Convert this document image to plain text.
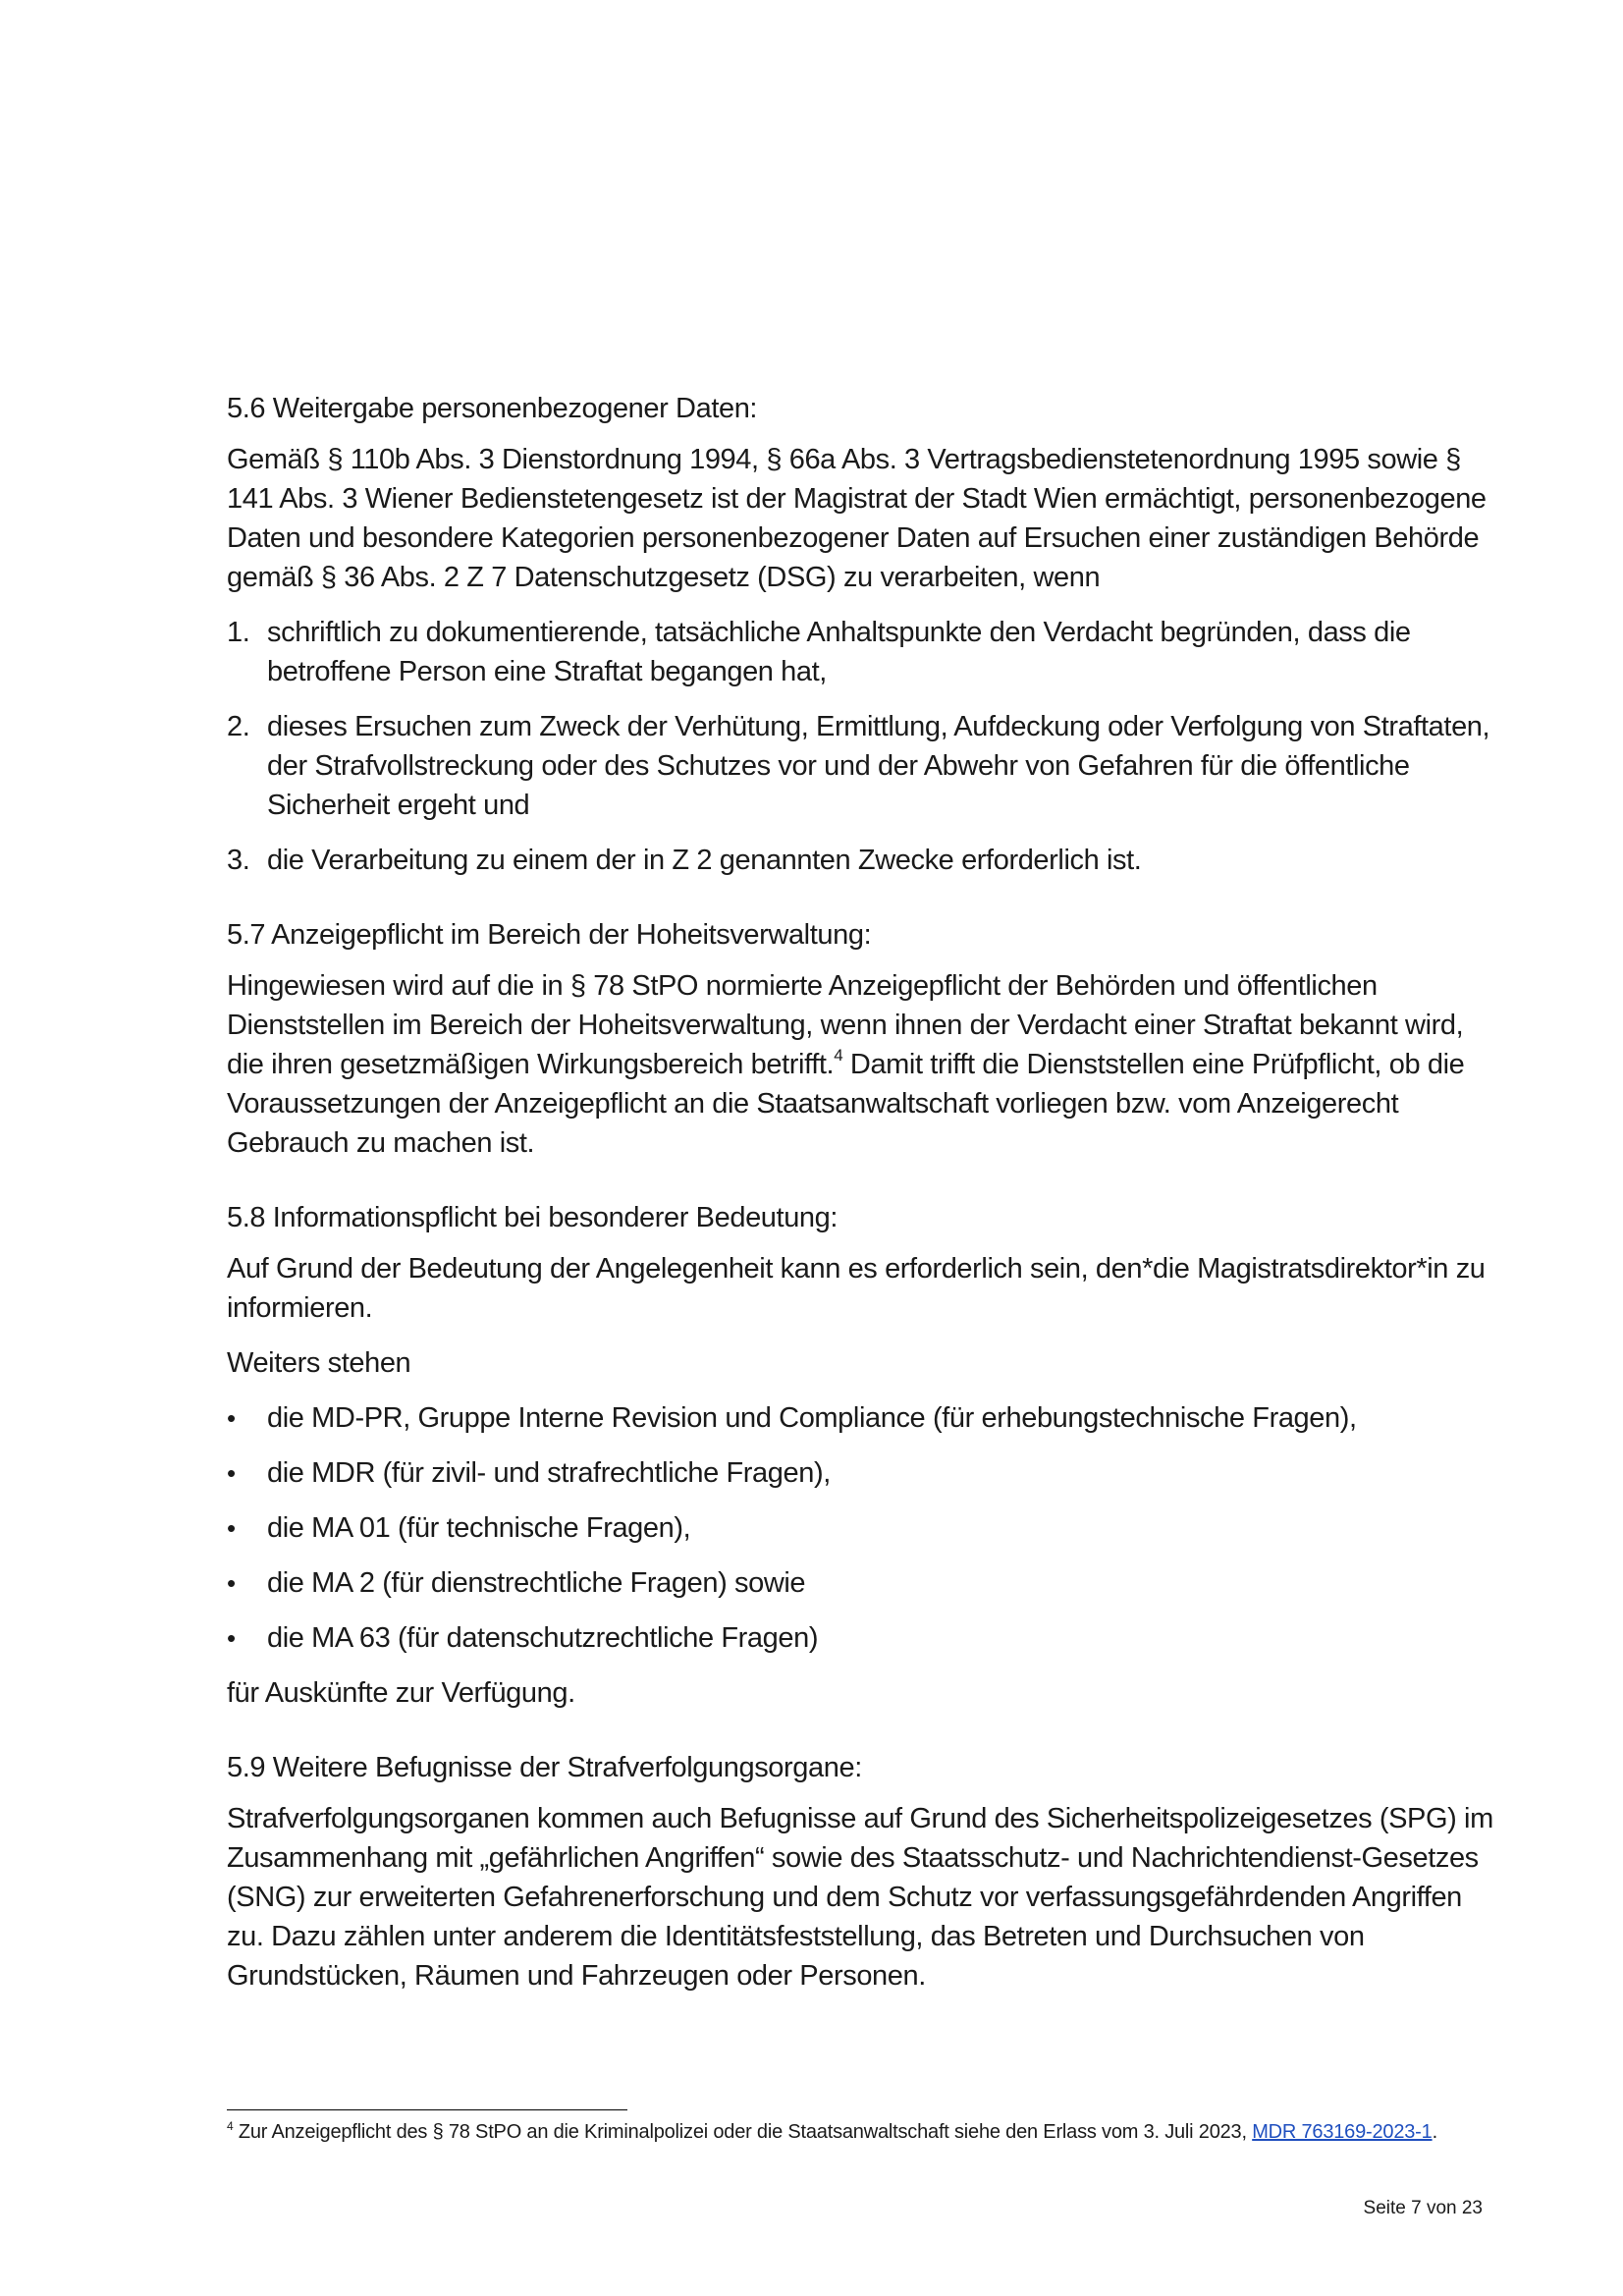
5.6 Weitergabe personenbezogener Daten:

Gemäß § 110b Abs. 3 Dienstordnung 1994, § 66a Abs. 3 Vertragsbedienstetenordnung 1995 sowie § 141 Abs. 3 Wiener Bedienstetengesetz ist der Magistrat der Stadt Wien ermächtigt, personenbezogene Daten und besondere Kategorien personenbezogener Daten auf Ersuchen einer zuständigen Behörde gemäß § 36 Abs. 2 Z 7 Datenschutzgesetz (DSG) zu verarbeiten, wenn

1. schriftlich zu dokumentierende, tatsächliche Anhaltspunkte den Verdacht begründen, dass die betroffene Person eine Straftat begangen hat,
2. dieses Ersuchen zum Zweck der Verhütung, Ermittlung, Aufdeckung oder Verfolgung von Straftaten, der Strafvollstreckung oder des Schutzes vor und der Abwehr von Gefahren für die öffentliche Sicherheit ergeht und
3. die Verarbeitung zu einem der in Z 2 genannten Zwecke erforderlich ist.
5.7 Anzeigepflicht im Bereich der Hoheitsverwaltung:

Hingewiesen wird auf die in § 78 StPO normierte Anzeigepflicht der Behörden und öffentlichen Dienststellen im Bereich der Hoheitsverwaltung, wenn ihnen der Verdacht einer Straftat bekannt wird, die ihren gesetzmäßigen Wirkungsbereich betrifft.$^4$ Damit trifft die Dienststellen eine Prüfpflicht, ob die Voraussetzungen der Anzeigepflicht an die Staatsanwaltschaft vorliegen bzw. vom Anzeigerecht Gebrauch zu machen ist.

5.8 Informationspflicht bei besonderer Bedeutung:

Auf Grund der Bedeutung der Angelegenheit kann es erforderlich sein, den*die Magistratsdirektor*in zu informieren.

Weiters stehen

• die MD-PR, Gruppe Interne Revision und Compliance (für erhebungstechnische Fragen),
• die MDR (für zivil- und strafrechtliche Fragen),
• die MA 01 (für technische Fragen),
• die MA 2 (für dienstrechtliche Fragen) sowie
• die MA 63 (für datenschutzrechtliche Fragen)

für Auskünfte zur Verfügung.

5.9 Weitere Befugnisse der Strafverfolgungsorgane:

Strafverfolgungsorganen kommen auch Befugnisse auf Grund des Sicherheitspolizeigesetzes (SPG) im Zusammenhang mit „gefährlichen Angriffen“ sowie des Staatsschutz- und Nachrichtendienst-Gesetzes (SNG) zur erweiterten Gefahrenerforschung und dem Schutz vor verfassungsgefährdenden Angriffen zu. Dazu zählen unter anderem die Identitätsfeststellung, das Betreten und Durchsuchen von Grundstücken, Räumen und Fahrzeugen oder Personen.

$^4$ Zur Anzeigepflicht des § 78 StPO an die Kriminalpolizei oder die Staatsanwaltschaft siehe den Erlass vom 3. Juli 2023, MDR 763169-2023-1.
Seite 7 von 23
